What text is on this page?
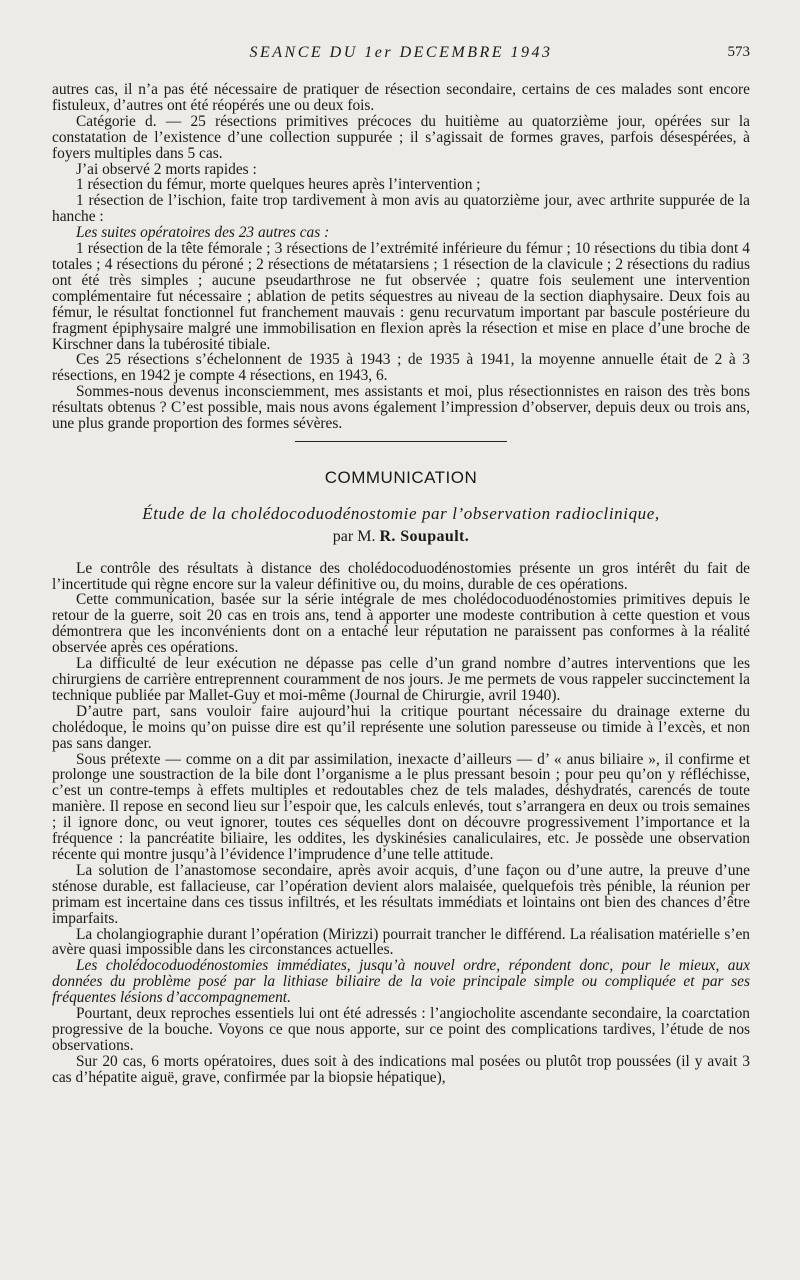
SEANCE DU 1er DECEMBRE 1943	573

autres cas, il n’a pas été nécessaire de pratiquer de résection secondaire, certains de ces malades sont encore fistuleux, d’autres ont été réopérés une ou deux fois.

Catégorie d. — 25 résections primitives précoces du huitième au quatorzième jour, opérées sur la constatation de l’existence d’une collection suppurée ; il s’agissait de formes graves, parfois désespérées, à foyers multiples dans 5 cas.

J’ai observé 2 morts rapides :

1 résection du fémur, morte quelques heures après l’intervention ;

1 résection de l’ischion, faite trop tardivement à mon avis au quatorzième jour, avec arthrite suppurée de la hanche :

Les suites opératoires des 23 autres cas :

1 résection de la tête fémorale ; 3 résections de l’extrémité inférieure du fémur ; 10 résections du tibia dont 4 totales ; 4 résections du péroné ; 2 résections de métatarsiens ; 1 résection de la clavicule ; 2 résections du radius ont été très simples ; aucune pseudarthrose ne fut observée ; quatre fois seulement une intervention complémentaire fut nécessaire ; ablation de petits séquestres au niveau de la section diaphysaire. Deux fois au fémur, le résultat fonctionnel fut franchement mauvais : genu recurvatum important par bascule postérieure du fragment épiphysaire malgré une immobilisation en flexion après la résection et mise en place d’une broche de Kirschner dans la tubérosité tibiale.

Ces 25 résections s’échelonnent de 1935 à 1943 ; de 1935 à 1941, la moyenne annuelle était de 2 à 3 résections, en 1942 je compte 4 résections, en 1943, 6.

Sommes-nous devenus inconsciemment, mes assistants et moi, plus résectionnistes en raison des très bons résultats obtenus ? C’est possible, mais nous avons également l’impression d’observer, depuis deux ou trois ans, une plus grande proportion des formes sévères.

COMMUNICATION
Étude de la cholédocoduodénostomie par l’observation radioclinique,
par M. R. Soupault.

Le contrôle des résultats à distance des cholédocoduodénostomies présente un gros intérêt du fait de l’incertitude qui règne encore sur la valeur définitive ou, du moins, durable de ces opérations.

Cette communication, basée sur la série intégrale de mes cholédocoduodénostomies primitives depuis le retour de la guerre, soit 20 cas en trois ans, tend à apporter une modeste contribution à cette question et vous démontrera que les inconvénients dont on a entaché leur réputation ne paraissent pas conformes à la réalité observée après ces opérations.

La difficulté de leur exécution ne dépasse pas celle d’un grand nombre d’autres interventions que les chirurgiens de carrière entreprennent couramment de nos jours. Je me permets de vous rappeler succinctement la technique publiée par Mallet-Guy et moi-même (Journal de Chirurgie, avril 1940).

D’autre part, sans vouloir faire aujourd’hui la critique pourtant nécessaire du drainage externe du cholédoque, le moins qu’on puisse dire est qu’il représente une solution paresseuse ou timide à l’excès, et non pas sans danger.

Sous prétexte — comme on a dit par assimilation, inexacte d’ailleurs — d’ « anus biliaire », il confirme et prolonge une soustraction de la bile dont l’organisme a le plus pressant besoin ; pour peu qu’on y réfléchisse, c’est un contre-temps à effets multiples et redoutables chez de tels malades, déshydratés, carencés de toute manière. Il repose en second lieu sur l’espoir que, les calculs enlevés, tout s’arrangera en deux ou trois semaines ; il ignore donc, ou veut ignorer, toutes ces séquelles dont on découvre progressivement l’importance et la fréquence : la pancréatite biliaire, les oddites, les dyskinésies canaliculaires, etc. Je possède une observation récente qui montre jusqu’à l’évidence l’imprudence d’une telle attitude.

La solution de l’anastomose secondaire, après avoir acquis, d’une façon ou d’une autre, la preuve d’une sténose durable, est fallacieuse, car l’opération devient alors malaisée, quelquefois très pénible, la réunion per primam est incertaine dans ces tissus infiltrés, et les résultats immédiats et lointains ont bien des chances d’être imparfaits.

La cholangiographie durant l’opération (Mirizzi) pourrait trancher le différend. La réalisation matérielle s’en avère quasi impossible dans les circonstances actuelles.

Les cholédocoduodénostomies immédiates, jusqu’à nouvel ordre, répondent donc, pour le mieux, aux données du problème posé par la lithiase biliaire de la voie principale simple ou compliquée et par ses fréquentes lésions d’accompagnement.

Pourtant, deux reproches essentiels lui ont été adressés : l’angiocholite ascendante secondaire, la coarctation progressive de la bouche. Voyons ce que nous apporte, sur ce point des complications tardives, l’étude de nos observations.

Sur 20 cas, 6 morts opératoires, dues soit à des indications mal posées ou plutôt trop poussées (il y avait 3 cas d’hépatite aiguë, grave, confirmée par la biopsie hépatique),
